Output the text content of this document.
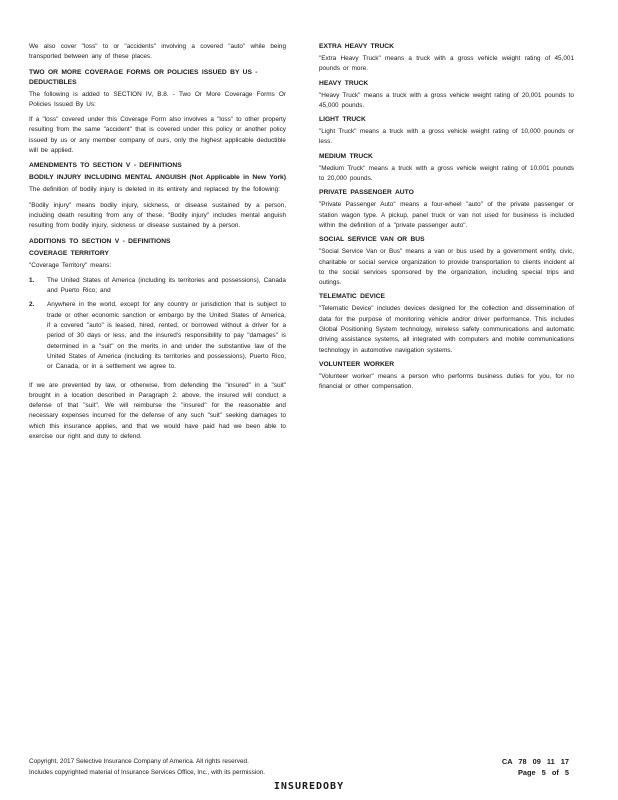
We also cover "loss" to or "accidents" involving a covered "auto" while being transported between any of these places.

TWO OR MORE COVERAGE FORMS OR POLICIES ISSUED BY US - DEDUCTIBLES

The following is added to SECTION IV, B.8. - Two Or More Coverage Forms Or Policies Issued By Us:

If a "loss" covered under this Coverage Form also involves a "loss" to other property resulting from the same "accident" that is covered under this policy or another policy issued by us or any member company of ours, only the highest applicable deductible will be applied.

AMENDMENTS TO SECTION V - DEFINITIONS
BODILY INJURY INCLUDING MENTAL ANGUISH (Not Applicable in New York)

The definition of bodily injury is deleted in its entirety and replaced by the following:

"Bodily injury" means bodily injury, sickness, or disease sustained by a person, including death resulting from any of these. "Bodily injury" includes mental anguish resulting from bodily injury, sickness or disease sustained by a person.

ADDITIONS TO SECTION V - DEFINITIONS
COVERAGE TERRITORY

"Coverage Territory" means:

1. The United States of America (including its territories and possessions), Canada and Puerto Rico; and
2. Anywhere in the world, except for any country or jurisdiction that is subject to trade or other economic sanction or embargo by the United States of America, if a covered "auto" is leased, hired, rented, or borrowed without a driver for a period of 30 days or less, and the insured's responsibility to pay "damages" is determined in a "suit" on the merits in and under the substantive law of the United States of America (including its territories and possessions), Puerto Rico, or Canada, or in a settlement we agree to.

If we are prevented by law, or otherwise, from defending the "insured" in a "suit" brought in a location described in Paragraph 2. above, the insured will conduct a defense of that "suit". We will reimburse the "insured" for the reasonable and necessary expenses incurred for the defense of any such "suit" seeking damages to which this insurance applies, and that we would have paid had we been able to exercise our right and duty to defend.

EXTRA HEAVY TRUCK

"Extra Heavy Truck" means a truck with a gross vehicle weight rating of 45,001 pounds or more.

HEAVY TRUCK

"Heavy Truck" means a truck with a gross vehicle weight rating of 20,001 pounds to 45,000 pounds.

LIGHT TRUCK

"Light Truck" means a truck with a gross vehicle weight rating of 10,000 pounds or less.

MEDIUM TRUCK

"Medium Truck" means a truck with a gross vehicle weight rating of 10,001 pounds to 20,000 pounds.

PRIVATE PASSENGER AUTO

"Private Passenger Auto" means a four-wheel "auto" of the private passenger or station wagon type. A pickup, panel truck or van not used for business is included within the definition of a "private passenger auto".

SOCIAL SERVICE VAN OR BUS

"Social Service Van or Bus" means a van or bus used by a government entity, civic, charitable or social service organization to provide transportation to clients incident al to the social services sponsored by the organization, including special trips and outings.

TELEMATIC DEVICE

"Telematic Device" includes devices designed for the collection and dissemination of data for the purpose of monitoring vehicle and/or driver performance. This includes Global Positioning System technology, wireless safety communications and automatic driving assistance systems, all integrated with computers and mobile communications technology in automotive navigation systems.

VOLUNTEER WORKER

"Volunteer worker" means a person who performs business duties for you, for no financial or other compensation.

Copyright, 2017 Selective Insurance Company of America. All rights reserved.
Includes copyrighted material of Insurance Services Office, Inc., with its permission.
CA 78 09 11 17
Page 5 of 5
INSUREDOBY
